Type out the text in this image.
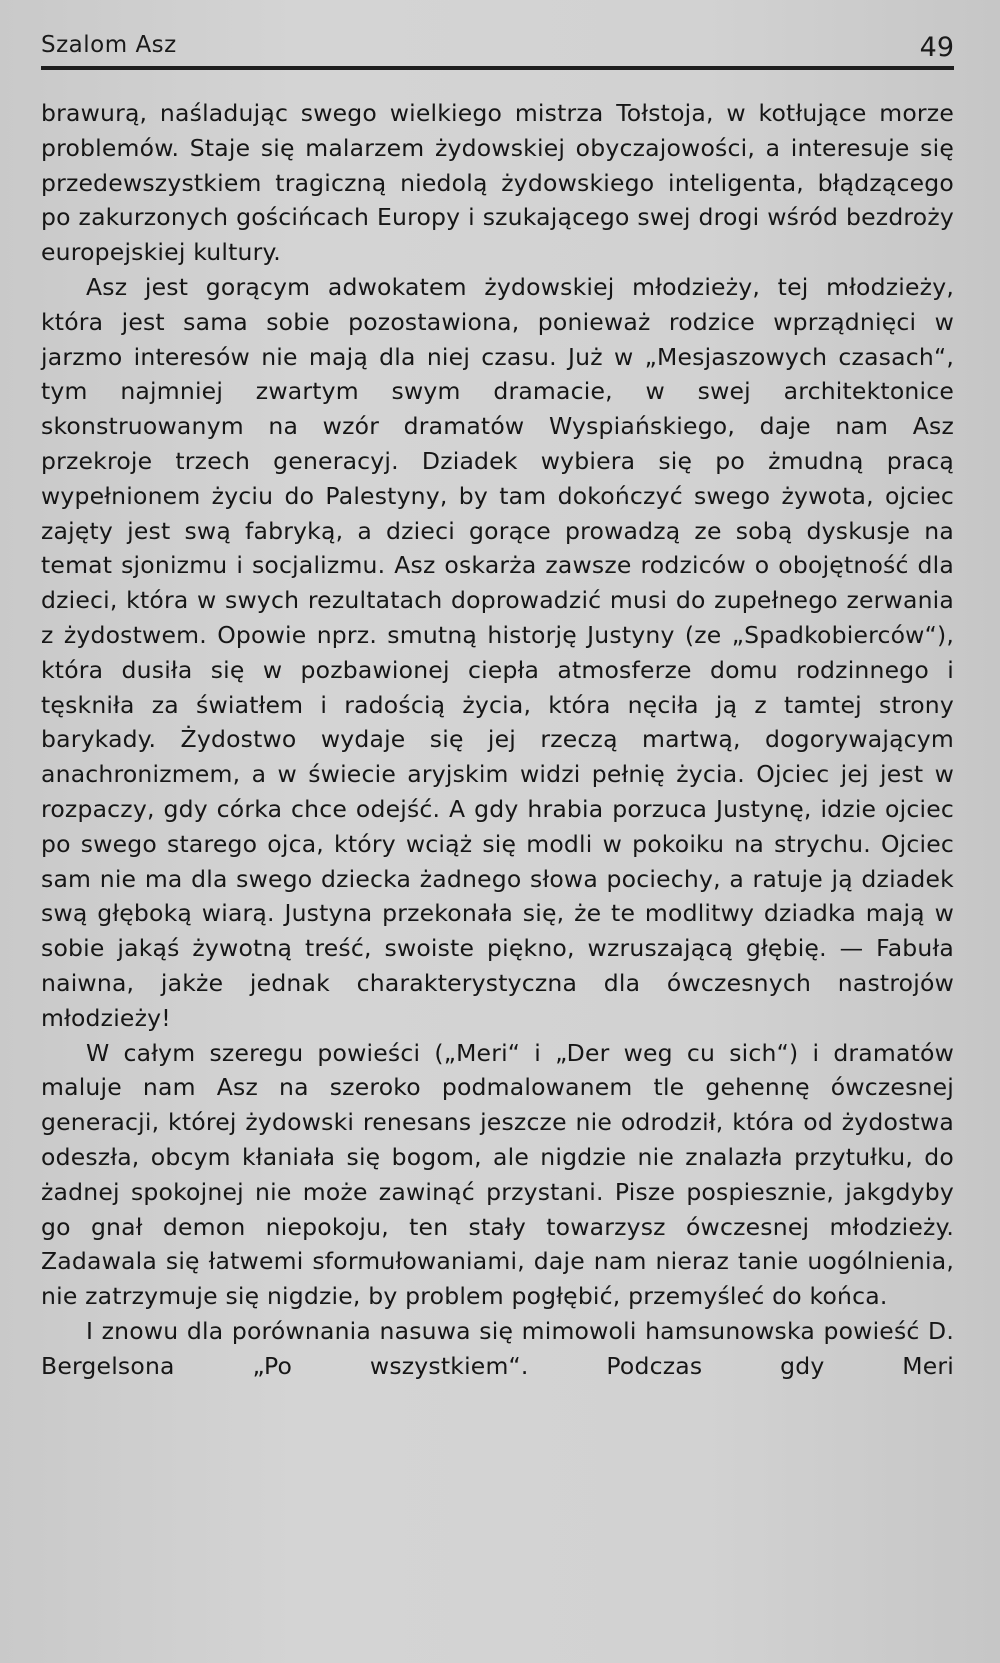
Szalom Asz	49

brawurą, naśladując swego wielkiego mistrza Tołstoja, w kotłujące morze problemów. Staje się malarzem żydowskiej obyczajowości, a interesuje się przedewszystkiem tragiczną niedolą żydowskiego inteligenta, błądzącego po zakurzonych gościńcach Europy i szukającego swej drogi wśród bezdroży europejskiej kultury.

Asz jest gorącym adwokatem żydowskiej młodzieży, tej młodzieży, która jest sama sobie pozostawiona, ponieważ rodzice wprządnięci w jarzmo interesów nie mają dla niej czasu. Już w „Mesjaszowych czasach“, tym najmniej zwartym swym dramacie, w swej architektonice skonstruowanym na wzór dramatów Wyspiańskiego, daje nam Asz przekroje trzech generacyj. Dziadek wybiera się po żmudną pracą wypełnionem życiu do Palestyny, by tam dokończyć swego żywota, ojciec zajęty jest swą fabryką, a dzieci gorące prowadzą ze sobą dyskusje na temat sjonizmu i socjalizmu. Asz oskarża zawsze rodziców o obojętność dla dzieci, która w swych rezultatach doprowadzić musi do zupełnego zerwania z żydostwem. Opowie nprz. smutną historję Justyny (ze „Spadkobierców“), która dusiła się w pozbawionej ciepła atmosferze domu rodzinnego i tęskniła za światłem i radością życia, która nęciła ją z tamtej strony barykady. Żydostwo wydaje się jej rzeczą martwą, dogorywającym anachronizmem, a w świecie aryjskim widzi pełnię życia. Ojciec jej jest w rozpaczy, gdy córka chce odejść. A gdy hrabia porzuca Justynę, idzie ojciec po swego starego ojca, który wciąż się modli w pokoiku na strychu. Ojciec sam nie ma dla swego dziecka żadnego słowa pociechy, a ratuje ją dziadek swą głęboką wiarą. Justyna przekonała się, że te modlitwy dziadka mają w sobie jakąś żywotną treść, swoiste piękno, wzruszającą głębię. — Fabuła naiwna, jakże jednak charakterystyczna dla ówczesnych nastrojów młodzieży!

W całym szeregu powieści („Meri“ i „Der weg cu sich“) i dramatów maluje nam Asz na szeroko podmalowanem tle gehennę ówczesnej generacji, której żydowski renesans jeszcze nie odrodził, która od żydostwa odeszła, obcym kłaniała się bogom, ale nigdzie nie znalazła przytułku, do żadnej spokojnej nie może zawinąć przystani. Pisze pospiesznie, jakgdyby go gnał demon niepokoju, ten stały towarzysz ówczesnej młodzieży. Zadawala się łatwemi sformułowaniami, daje nam nieraz tanie uogólnienia, nie zatrzymuje się nigdzie, by problem pogłębić, przemyśleć do końca.

I znowu dla porównania nasuwa się mimowoli hamsunowska powieść D. Bergelsona „Po wszystkiem“. Podczas gdy Meri
